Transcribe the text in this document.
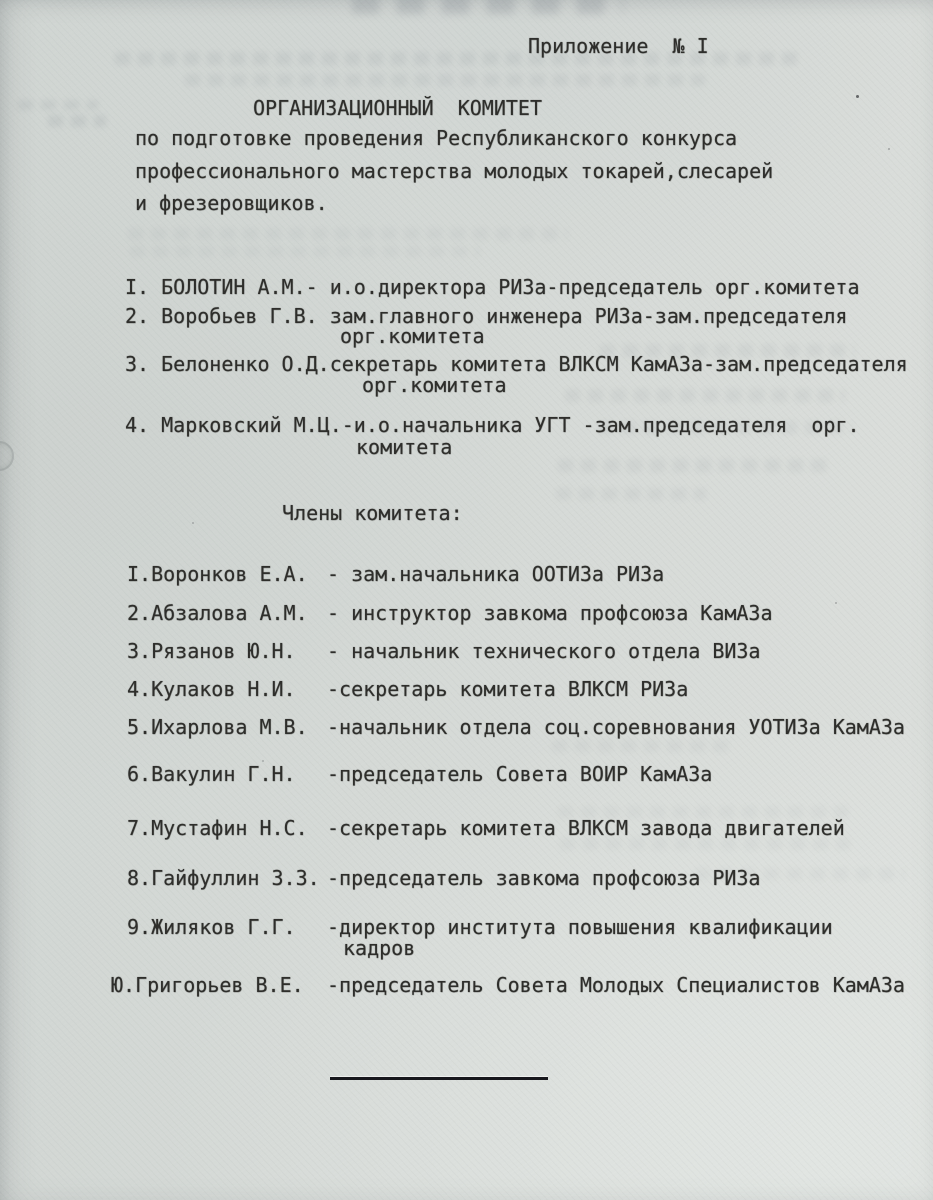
Приложение  № I
ОРГАНИЗАЦИОННЫЙ  КОМИТЕТ
по подготовке проведения Республиканского конкурса
профессионального мастерства молодых токарей,слесарей
и фрезеровщиков.
I. БОЛОТИН А.М.- и.о.директора РИЗа-председатель орг.комитета
2. Воробьев Г.В. зам.главного инженера РИЗа-зам.председателя
орг.комитета
3. Белоненко О.Д.секретарь комитета ВЛКСМ КамАЗа-зам.председателя
орг.комитета
4. Марковский М.Ц.-и.о.начальника УГТ -зам.председателя  орг.
комитета
Члены комитета:
I.Воронков Е.А. - зам.начальника ООТИЗа РИЗа
2.Абзалова А.М. - инструктор завкома профсоюза КамАЗа
3.Рязанов Ю.Н. - начальник технического отдела ВИЗа
4.Кулаков Н.И. -секретарь комитета ВЛКСМ РИЗа
5.Ихарлова М.В. -начальник отдела соц.соревнования УОТИЗа КамАЗа
6.Вакулин Г.Н. -председатель Совета ВОИР КамАЗа
7.Мустафин Н.С. -секретарь комитета ВЛКСМ завода двигателей
8.Гайфуллин З.З. -председатель завкома профсоюза РИЗа
9.Жиляков Г.Г. -директор института повышения квалификации
кадров
Ю.Григорьев В.Е. -председатель Совета Молодых Специалистов КамАЗа
